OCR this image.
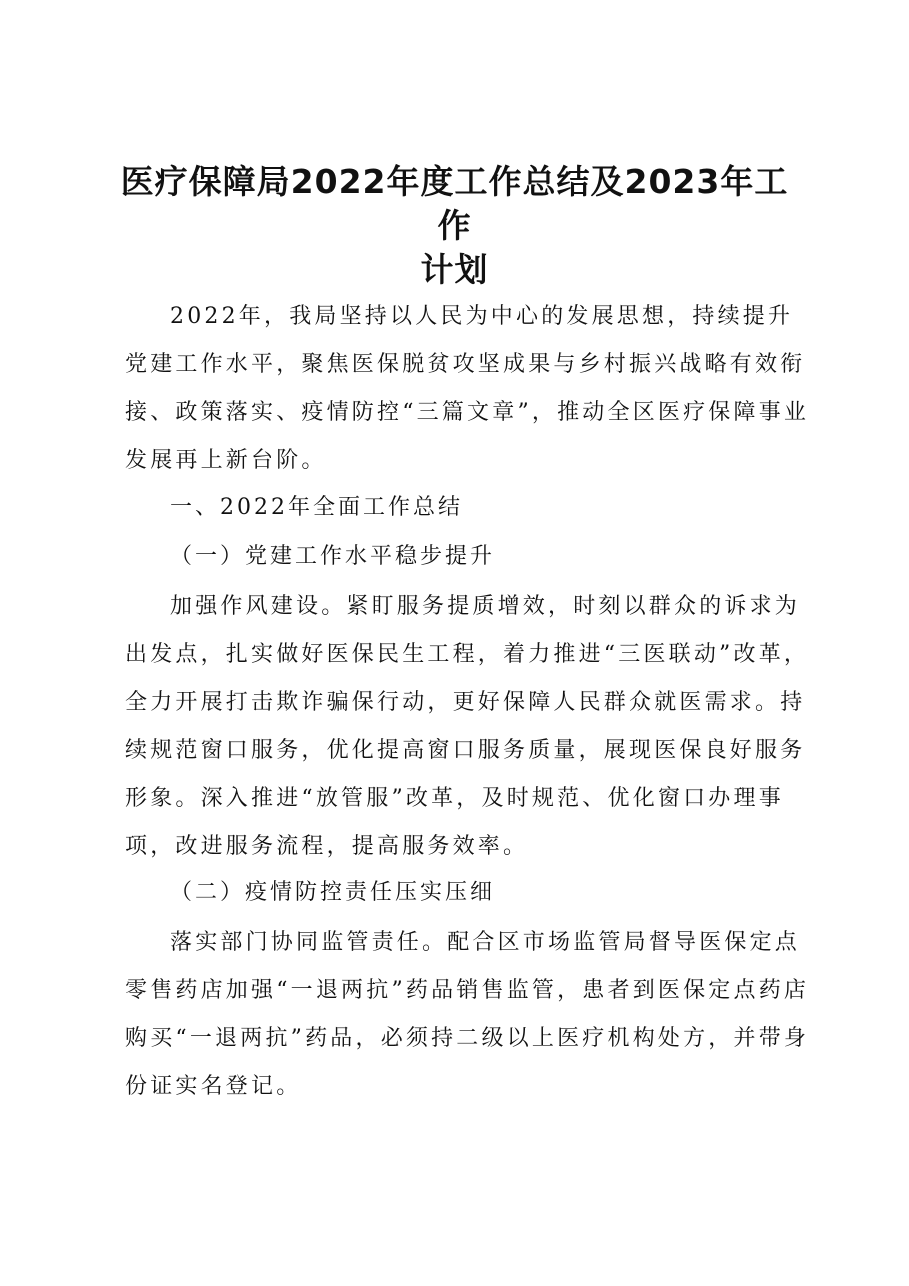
医疗保障局2022年度工作总结及2023年工作
计划

2022年，我局坚持以人民为中心的发展思想，持续提升党建工作水平，聚焦医保脱贫攻坚成果与乡村振兴战略有效衔接、政策落实、疫情防控“三篇文章”，推动全区医疗保障事业发展再上新台阶。

一、2022年全面工作总结

（一）党建工作水平稳步提升

加强作风建设。紧盯服务提质增效，时刻以群众的诉求为出发点，扎实做好医保民生工程，着力推进“三医联动”改革，全力开展打击欺诈骗保行动，更好保障人民群众就医需求。持续规范窗口服务，优化提高窗口服务质量，展现医保良好服务形象。深入推进“放管服”改革，及时规范、优化窗口办理事项，改进服务流程，提高服务效率。

（二）疫情防控责任压实压细

落实部门协同监管责任。配合区市场监管局督导医保定点零售药店加强“一退两抗”药品销售监管，患者到医保定点药店购买“一退两抗”药品，必须持二级以上医疗机构处方，并带身份证实名登记。
